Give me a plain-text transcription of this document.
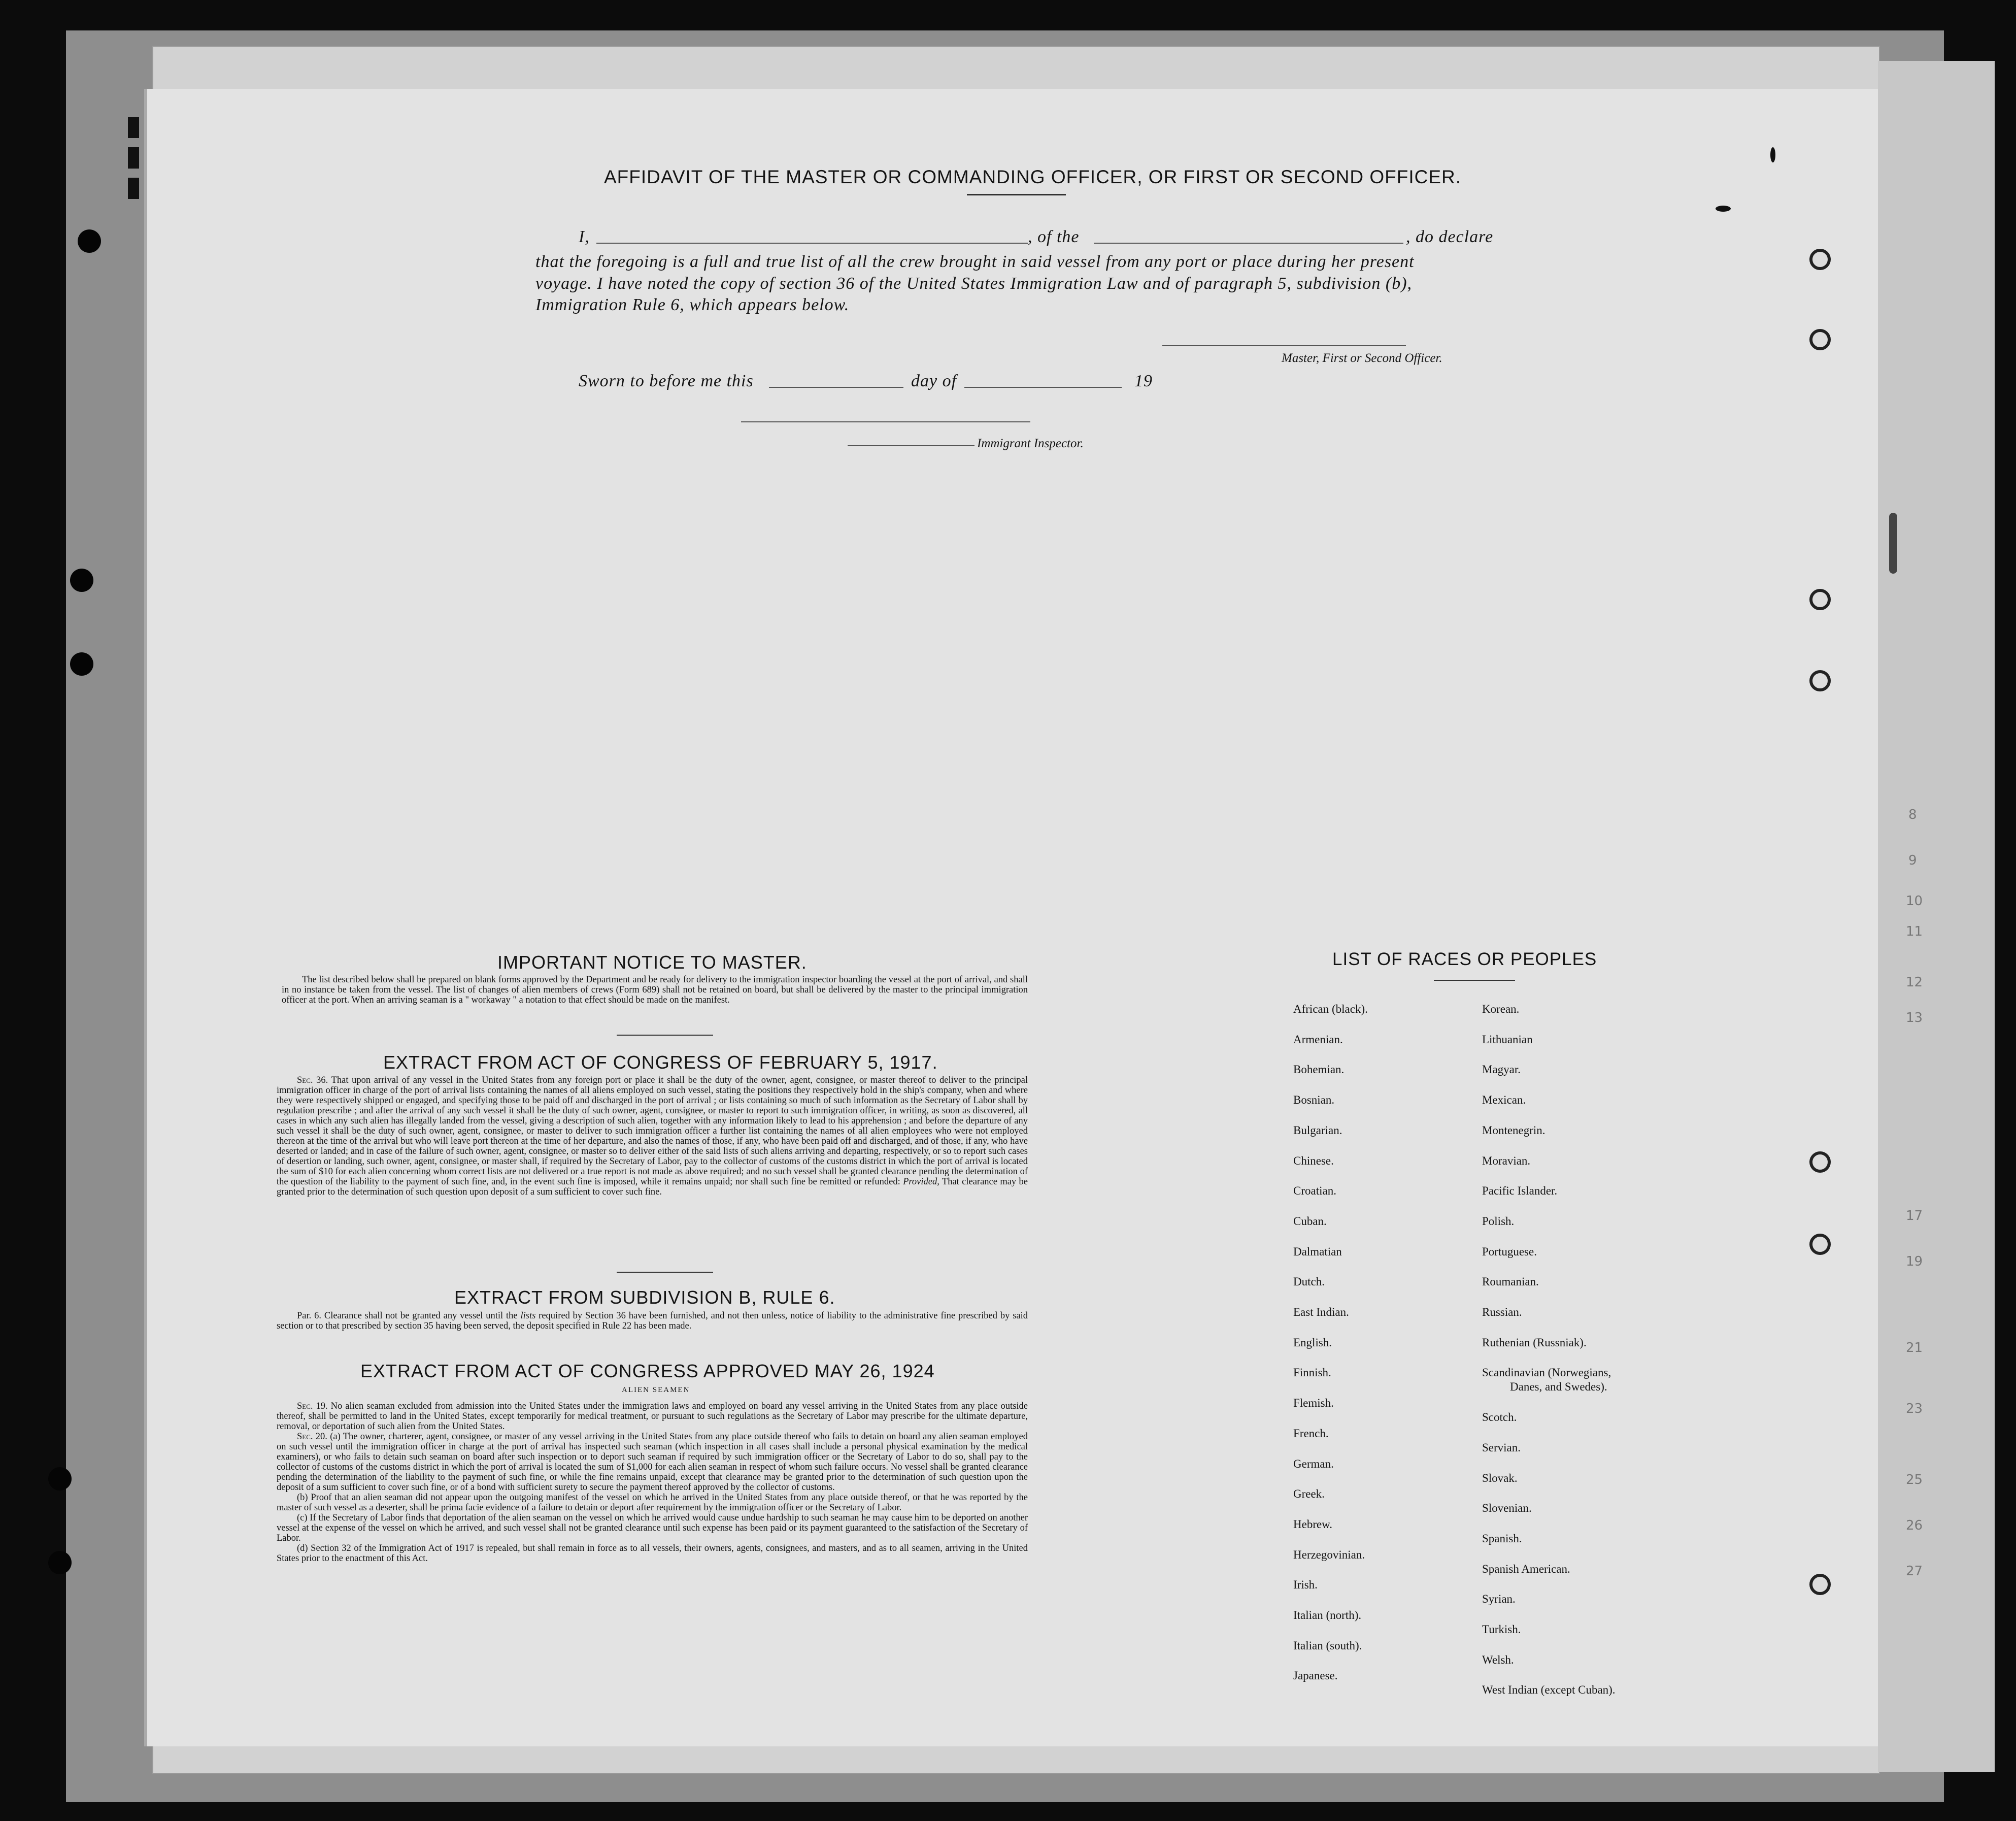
8
9
10
11
12
13
17
19
21
23
25
26
27
AFFIDAVIT OF THE MASTER OR COMMANDING OFFICER, OR FIRST OR SECOND OFFICER.
I,	, of the	, do declare
that the foregoing is a full and true list of all the crew brought in said vessel from any port or place during her present
voyage. I have noted the copy of section 36 of the United States Immigration Law and of paragraph 5, subdivision (b),
Immigration Rule 6, which appears below.
Master, First or Second Officer.
Sworn to before me this	day of	19
Immigrant Inspector.
IMPORTANT NOTICE TO MASTER.

The list described below shall be prepared on blank forms approved by the Department and be ready for delivery to the immigration inspector boarding the vessel at the port of arrival, and shall in no instance be taken from the vessel. The list of changes of alien members of crews (Form 689) shall not be retained on board, but shall be delivered by the master to the principal immigration officer at the port. When an arriving seaman is a " workaway " a notation to that effect should be made on the manifest.

EXTRACT FROM ACT OF CONGRESS OF FEBRUARY 5, 1917.

Sec. 36. That upon arrival of any vessel in the United States from any foreign port or place it shall be the duty of the owner, agent, consignee, or master thereof to deliver to the principal immigration officer in charge of the port of arrival lists containing the names of all aliens employed on such vessel, stating the positions they respectively hold in the ship's company, when and where they were respectively shipped or engaged, and specifying those to be paid off and discharged in the port of arrival ; or lists containing so much of such information as the Secretary of Labor shall by regulation prescribe ; and after the arrival of any such vessel it shall be the duty of such owner, agent, consignee, or master to report to such immigration officer, in writing, as soon as discovered, all cases in which any such alien has illegally landed from the vessel, giving a description of such alien, together with any information likely to lead to his apprehension ; and before the departure of any such vessel it shall be the duty of such owner, agent, consignee, or master to deliver to such immigration officer a further list containing the names of all alien employees who were not employed thereon at the time of the arrival but who will leave port thereon at the time of her departure, and also the names of those, if any, who have been paid off and discharged, and of those, if any, who have deserted or landed; and in case of the failure of such owner, agent, consignee, or master so to deliver either of the said lists of such aliens arriving and departing, respectively, or so to report such cases of desertion or landing, such owner, agent, consignee, or master shall, if required by the Secretary of Labor, pay to the collector of customs of the customs district in which the port of arrival is located the sum of $10 for each alien concerning whom correct lists are not delivered or a true report is not made as above required; and no such vessel shall be granted clearance pending the determination of the question of the liability to the payment of such fine, and, in the event such fine is imposed, while it remains unpaid; nor shall such fine be remitted or refunded: Provided, That clearance may be granted prior to the determination of such question upon deposit of a sum sufficient to cover such fine.

EXTRACT FROM SUBDIVISION B, RULE 6.

Par. 6. Clearance shall not be granted any vessel until the lists required by Section 36 have been furnished, and not then unless, notice of liability to the administrative fine prescribed by said section or to that prescribed by section 35 having been served, the deposit specified in Rule 22 has been made.

EXTRACT FROM ACT OF CONGRESS APPROVED MAY 26, 1924
ALIEN SEAMEN

Sec. 19. No alien seaman excluded from admission into the United States under the immigration laws and employed on board any vessel arriving in the United States from any place outside thereof, shall be permitted to land in the United States, except temporarily for medical treatment, or pursuant to such regulations as the Secretary of Labor may prescribe for the ultimate departure, removal, or deportation of such alien from the United States.

Sec. 20. (a) The owner, charterer, agent, consignee, or master of any vessel arriving in the United States from any place outside thereof who fails to detain on board any alien seaman employed on such vessel until the immigration officer in charge at the port of arrival has inspected such seaman (which inspection in all cases shall include a personal physical examination by the medical examiners), or who fails to detain such seaman on board after such inspection or to deport such seaman if required by such immigration officer or the Secretary of Labor to do so, shall pay to the collector of customs of the customs district in which the port of arrival is located the sum of $1,000 for each alien seaman in respect of whom such failure occurs. No vessel shall be granted clearance pending the determination of the liability to the payment of such fine, or while the fine remains unpaid, except that clearance may be granted prior to the determination of such question upon the deposit of a sum sufficient to cover such fine, or of a bond with sufficient surety to secure the payment thereof approved by the collector of customs.

(b) Proof that an alien seaman did not appear upon the outgoing manifest of the vessel on which he arrived in the United States from any place outside thereof, or that he was reported by the master of such vessel as a deserter, shall be prima facie evidence of a failure to detain or deport after requirement by the immigration officer or the Secretary of Labor.

(c) If the Secretary of Labor finds that deportation of the alien seaman on the vessel on which he arrived would cause undue hardship to such seaman he may cause him to be deported on another vessel at the expense of the vessel on which he arrived, and such vessel shall not be granted clearance until such expense has been paid or its payment guaranteed to the satisfaction of the Secretary of Labor.

(d) Section 32 of the Immigration Act of 1917 is repealed, but shall remain in force as to all vessels, their owners, agents, consignees, and masters, and as to all seamen, arriving in the United States prior to the enactment of this Act.

LIST OF RACES OR PEOPLES
African (black).
Armenian.
Bohemian.
Bosnian.
Bulgarian.
Chinese.
Croatian.
Cuban.
Dalmatian
Dutch.
East Indian.
English.
Finnish.
Flemish.
French.
German.
Greek.
Hebrew.
Herzegovinian.
Irish.
Italian (north).
Italian (south).
Japanese.
Korean.
Lithuanian
Magyar.
Mexican.
Montenegrin.
Moravian.
Pacific Islander.
Polish.
Portuguese.
Roumanian.
Russian.
Ruthenian (Russniak).
Scandinavian (Norwegians,
Danes, and Swedes).
Scotch.
Servian.
Slovak.
Slovenian.
Spanish.
Spanish American.
Syrian.
Turkish.
Welsh.
West Indian (except Cuban).
